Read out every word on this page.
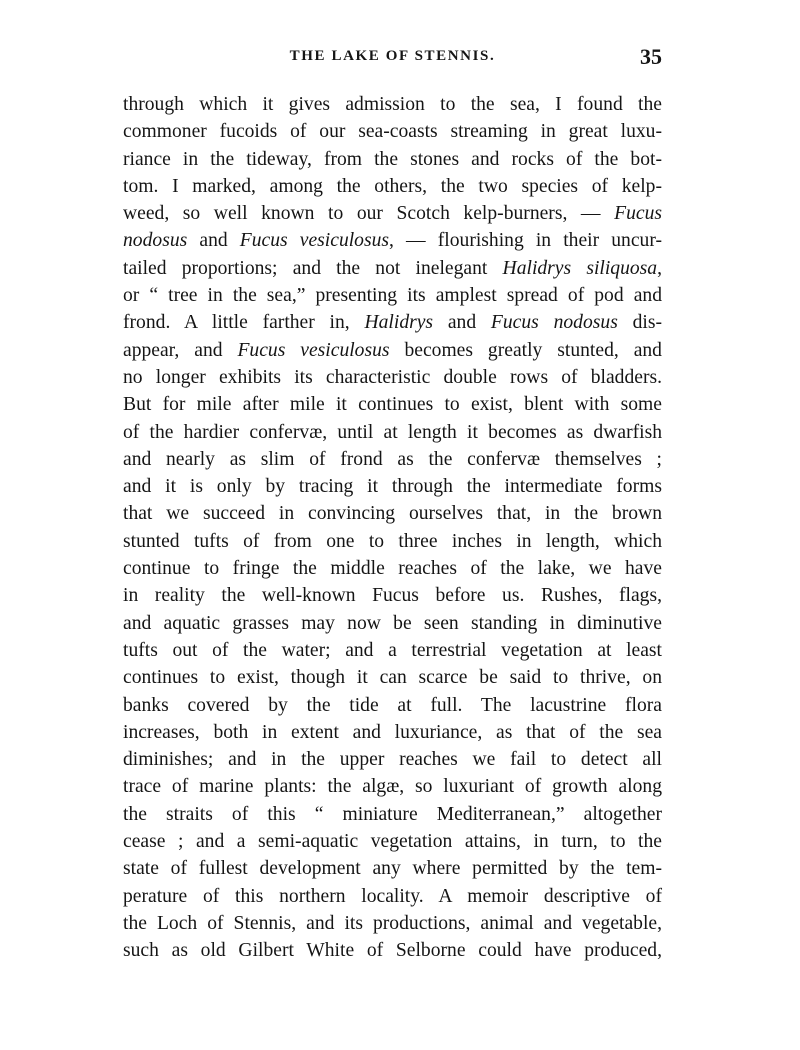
THE LAKE OF STENNIS.	35
through which it gives admission to the sea, I found the
commoner fucoids of our sea-coasts streaming in great luxu-
riance in the tideway, from the stones and rocks of the bot-
tom. I marked, among the others, the two species of kelp-
weed, so well known to our Scotch kelp-burners, — Fucus
nodosus and Fucus vesiculosus, — flourishing in their uncur-
tailed proportions; and the not inelegant Halidrys siliquosa,
or “ tree in the sea,” presenting its amplest spread of pod and
frond. A little farther in, Halidrys and Fucus nodosus dis-
appear, and Fucus vesiculosus becomes greatly stunted, and
no longer exhibits its characteristic double rows of bladders.
But for mile after mile it continues to exist, blent with some
of the hardier confervæ, until at length it becomes as dwarfish
and nearly as slim of frond as the confervæ themselves ;
and it is only by tracing it through the intermediate forms
that we succeed in convincing ourselves that, in the brown
stunted tufts of from one to three inches in length, which
continue to fringe the middle reaches of the lake, we have
in reality the well-known Fucus before us. Rushes, flags,
and aquatic grasses may now be seen standing in diminutive
tufts out of the water; and a terrestrial vegetation at least
continues to exist, though it can scarce be said to thrive, on
banks covered by the tide at full. The lacustrine flora
increases, both in extent and luxuriance, as that of the sea
diminishes; and in the upper reaches we fail to detect all
trace of marine plants: the algæ, so luxuriant of growth along
the straits of this “ miniature Mediterranean,” altogether
cease ; and a semi-aquatic vegetation attains, in turn, to the
state of fullest development any where permitted by the tem-
perature of this northern locality. A memoir descriptive of
the Loch of Stennis, and its productions, animal and vegetable,
such as old Gilbert White of Selborne could have produced,
